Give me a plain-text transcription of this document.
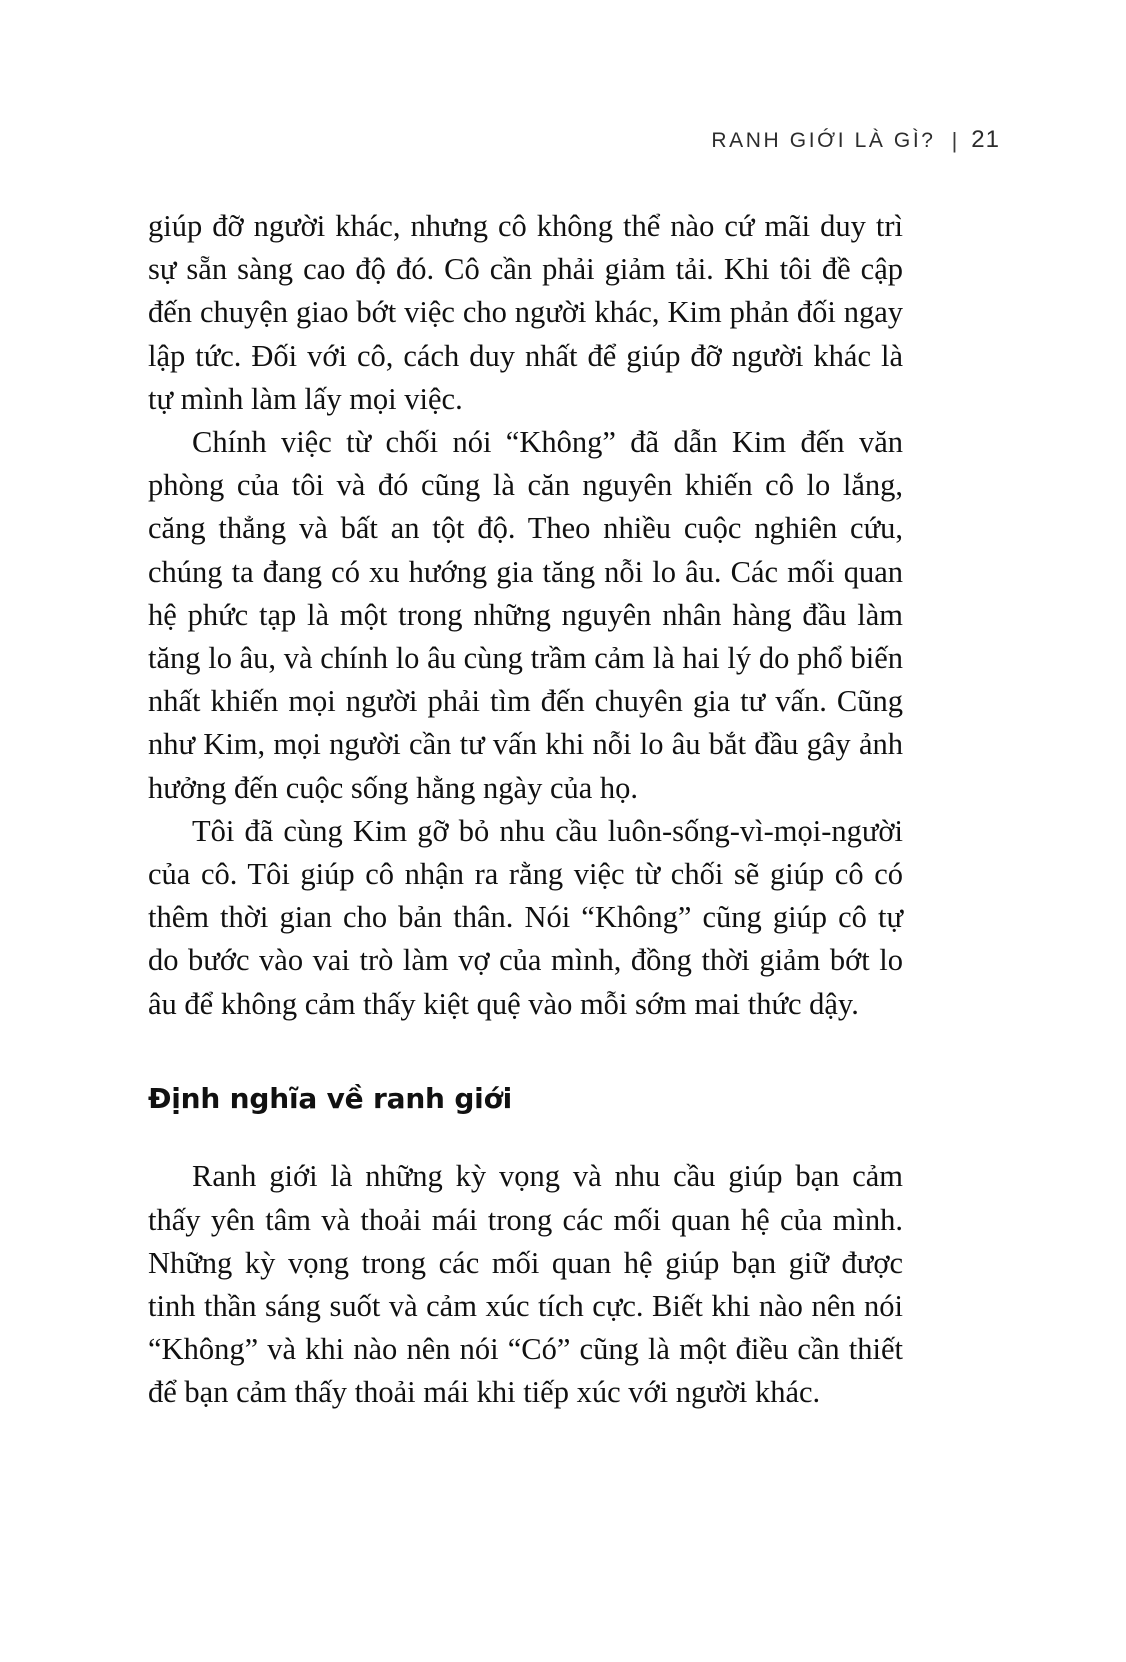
RANH GIỚI LÀ GÌ? | 21

giúp đỡ người khác, nhưng cô không thể nào cứ mãi duy trì sự sẵn sàng cao độ đó. Cô cần phải giảm tải. Khi tôi đề cập đến chuyện giao bớt việc cho người khác, Kim phản đối ngay lập tức. Đối với cô, cách duy nhất để giúp đỡ người khác là tự mình làm lấy mọi việc.

Chính việc từ chối nói “Không” đã dẫn Kim đến văn phòng của tôi và đó cũng là căn nguyên khiến cô lo lắng, căng thẳng và bất an tột độ. Theo nhiều cuộc nghiên cứu, chúng ta đang có xu hướng gia tăng nỗi lo âu. Các mối quan hệ phức tạp là một trong những nguyên nhân hàng đầu làm tăng lo âu, và chính lo âu cùng trầm cảm là hai lý do phổ biến nhất khiến mọi người phải tìm đến chuyên gia tư vấn. Cũng như Kim, mọi người cần tư vấn khi nỗi lo âu bắt đầu gây ảnh hưởng đến cuộc sống hằng ngày của họ.

Tôi đã cùng Kim gỡ bỏ nhu cầu luôn-sống-vì-mọi-người của cô. Tôi giúp cô nhận ra rằng việc từ chối sẽ giúp cô có thêm thời gian cho bản thân. Nói “Không” cũng giúp cô tự do bước vào vai trò làm vợ của mình, đồng thời giảm bớt lo âu để không cảm thấy kiệt quệ vào mỗi sớm mai thức dậy.

Định nghĩa về ranh giới

Ranh giới là những kỳ vọng và nhu cầu giúp bạn cảm thấy yên tâm và thoải mái trong các mối quan hệ của mình. Những kỳ vọng trong các mối quan hệ giúp bạn giữ được tinh thần sáng suốt và cảm xúc tích cực. Biết khi nào nên nói “Không” và khi nào nên nói “Có” cũng là một điều cần thiết để bạn cảm thấy thoải mái khi tiếp xúc với người khác.
